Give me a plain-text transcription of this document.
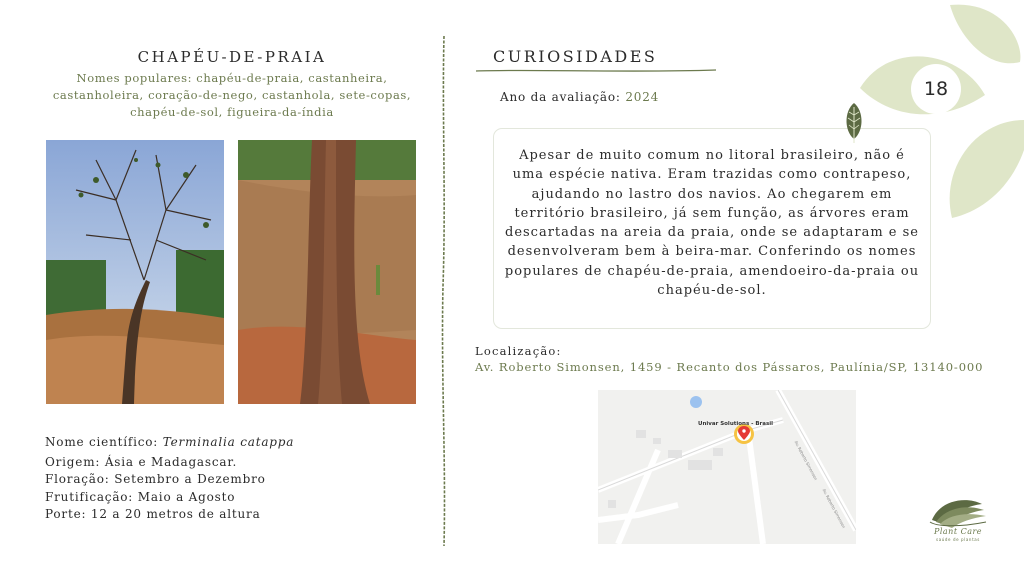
18
CHAPÉU-DE-PRAIA
Nomes populares: chapéu-de-praia, castanheira, castanholeira, coração-de-nego, castanhola, sete-copas, chapéu-de-sol, figueira-da-índia
Nome científico: Terminalia catappa
Origem: Ásia e Madagascar.
Floração: Setembro a Dezembro
Frutificação: Maio a Agosto
Porte: 12 a 20 metros de altura
CURIOSIDADES
Ano da avaliação: 2024
Apesar de muito comum no litoral brasileiro, não é uma espécie nativa. Eram trazidas como contrapeso, ajudando no lastro dos navios. Ao chegarem em território brasileiro, já sem função, as árvores eram descartadas na areia da praia, onde se adaptaram e se desenvolveram bem à beira-mar. Conferindo os nomes populares de chapéu-de-praia, amendoeiro-da-praia ou chapéu-de-sol.
Localização:
Av. Roberto Simonsen, 1459 - Recanto dos Pássaros, Paulínia/SP, 13140-000
Univar Solutions - Brasil
Av. Roberto Simonsen
Av. Roberto Simonsen
Plant Care
saúde de plantas
